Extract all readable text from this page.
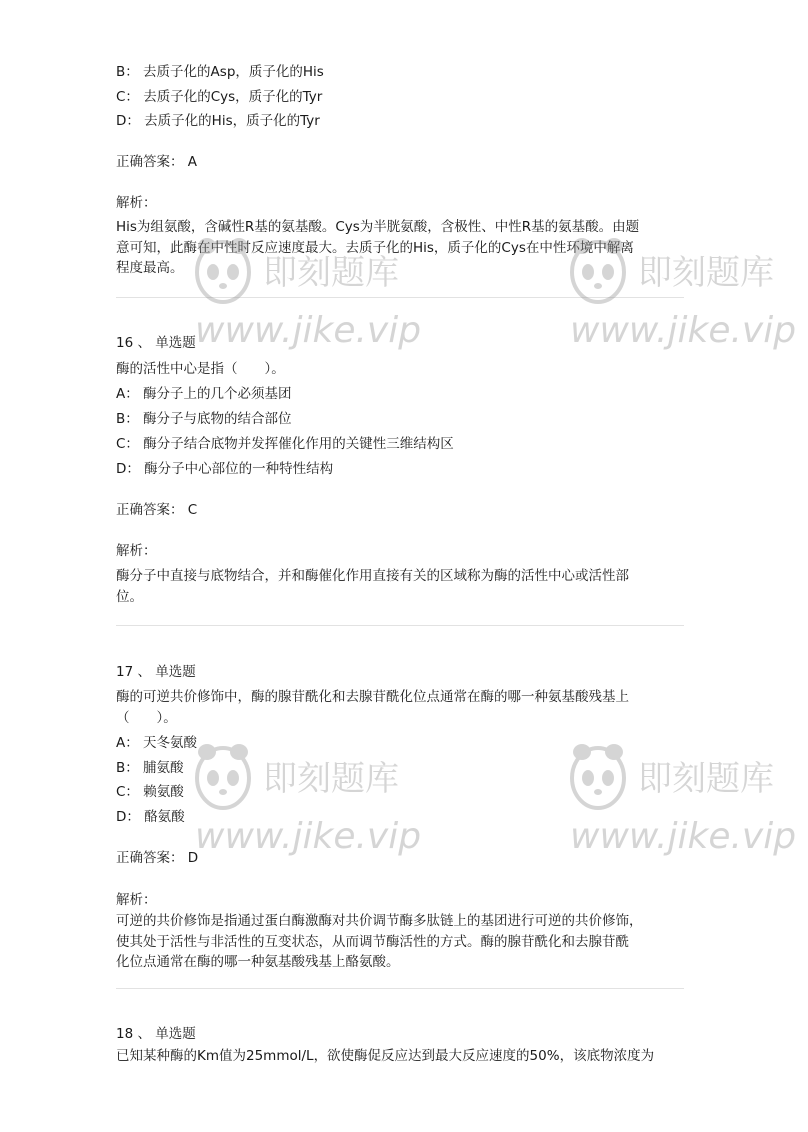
B： 去质子化的Asp，质子化的His
C： 去质子化的Cys，质子化的Tyr
D： 去质子化的His，质子化的Tyr
正确答案： A
解析：
His为组氨酸，含碱性R基的氨基酸。Cys为半胱氨酸，含极性、中性R基的氨基酸。由题
意可知，此酶在中性时反应速度最大。去质子化的His，质子化的Cys在中性环境中解离
程度最高。
16 、 单选题
酶的活性中心是指（　　）。
A： 酶分子上的几个必须基团
B： 酶分子与底物的结合部位
C： 酶分子结合底物并发挥催化作用的关键性三维结构区
D： 酶分子中心部位的一种特性结构
正确答案： C
解析：
酶分子中直接与底物结合，并和酶催化作用直接有关的区域称为酶的活性中心或活性部
位。
17 、 单选题
酶的可逆共价修饰中，酶的腺苷酰化和去腺苷酰化位点通常在酶的哪一种氨基酸残基上
（　　）。
A： 天冬氨酸
B： 脯氨酸
C： 赖氨酸
D： 酪氨酸
正确答案： D
解析：
可逆的共价修饰是指通过蛋白酶激酶对共价调节酶多肽链上的基团进行可逆的共价修饰，
使其处于活性与非活性的互变状态，从而调节酶活性的方式。酶的腺苷酰化和去腺苷酰
化位点通常在酶的哪一种氨基酸残基上酪氨酸。
18 、 单选题
已知某种酶的Km值为25mmol/L，欲使酶促反应达到最大反应速度的50%，该底物浓度为
即刻题库
www.jike.vip
即刻题库
www.jike.vip
即刻题库
www.jike.vip
即刻题库
www.jike.vip
